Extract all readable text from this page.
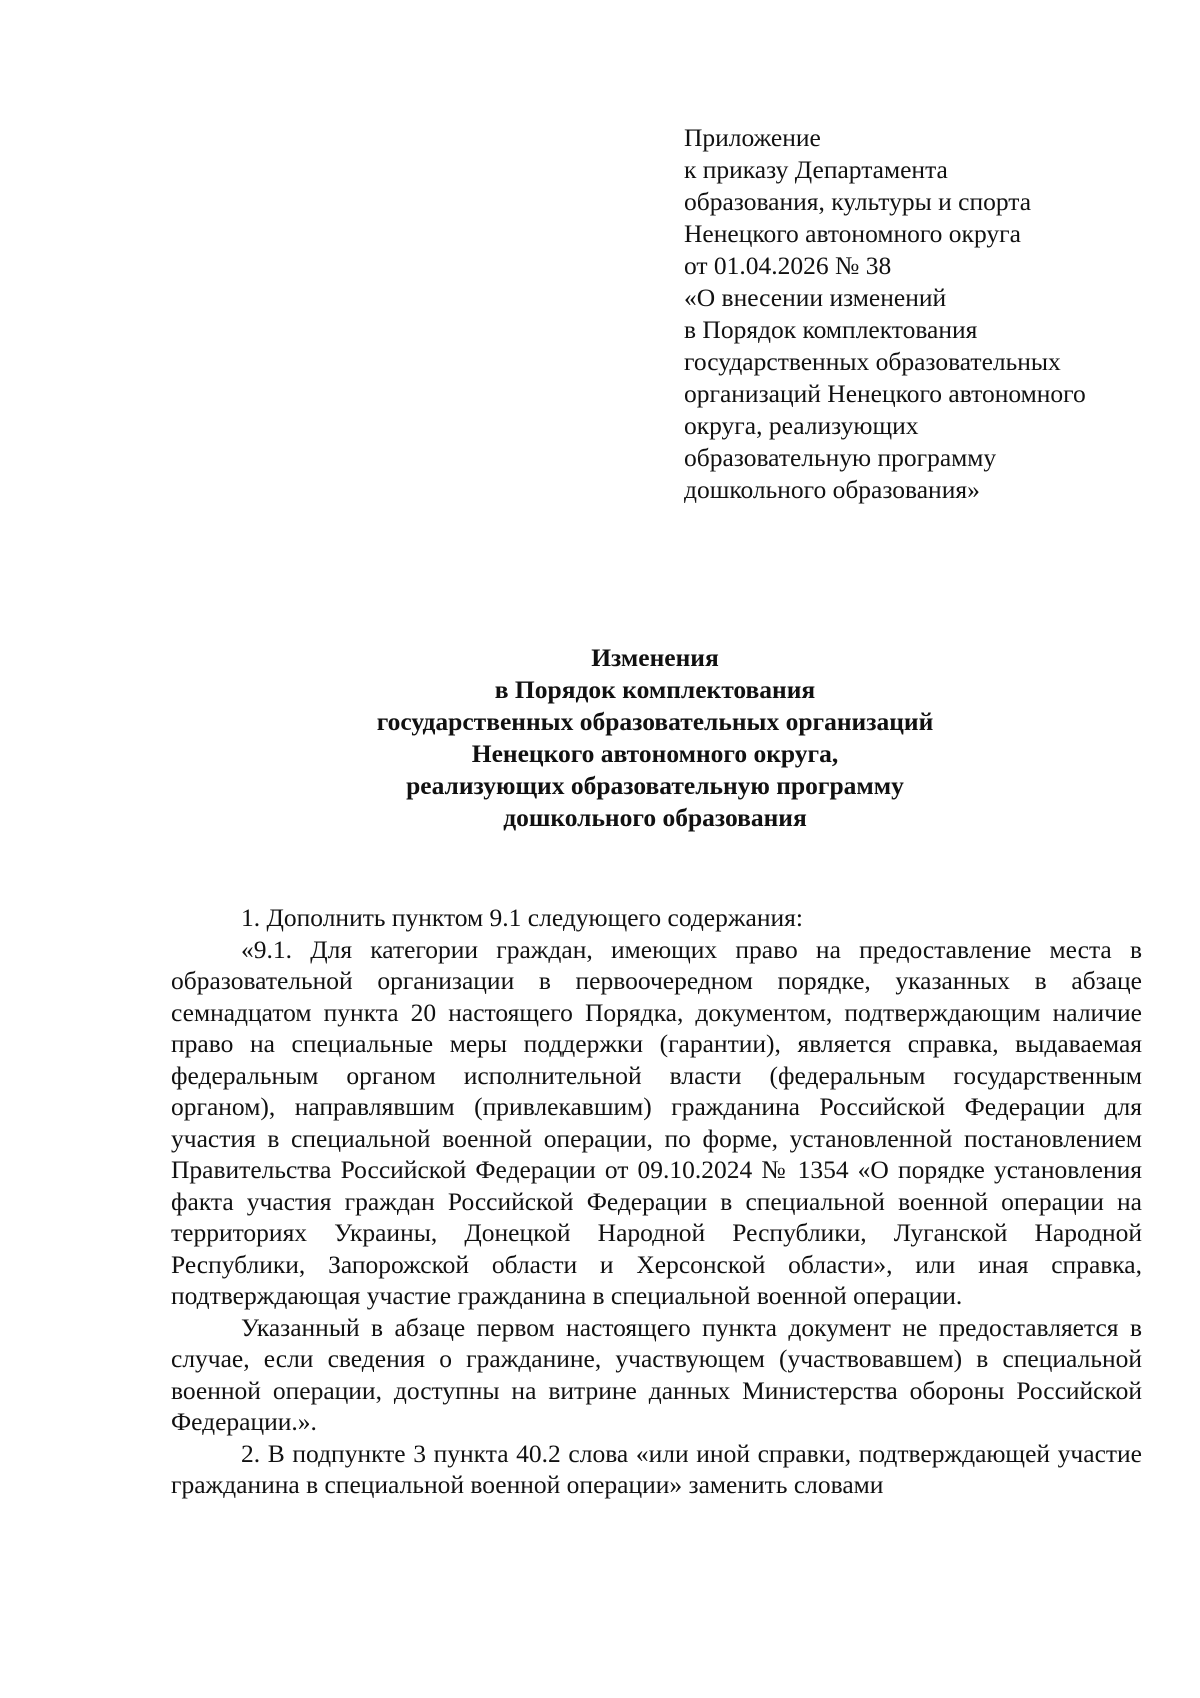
Приложение
к приказу Департамента
образования, культуры и спорта
Ненецкого автономного округа
от 01.04.2026 № 38
«О внесении изменений
в Порядок комплектования
государственных образовательных
организаций Ненецкого автономного
округа, реализующих
образовательную программу
дошкольного образования»
Изменения
в Порядок комплектования
государственных образовательных организаций
Ненецкого автономного округа,
реализующих образовательную программу
дошкольного образования

1. Дополнить пунктом 9.1 следующего содержания:

«9.1. Для категории граждан, имеющих право на предоставление места в образовательной организации в первоочередном порядке, указанных в абзаце семнадцатом пункта 20 настоящего Порядка, документом, подтверждающим наличие право на специальные меры поддержки (гарантии), является справка, выдаваемая федеральным органом исполнительной власти (федеральным государственным органом), направлявшим (привлекавшим) гражданина Российской Федерации для участия в специальной военной операции, по форме, установленной постановлением Правительства Российской Федерации от 09.10.2024 № 1354 «О порядке установления факта участия граждан Российской Федерации в специальной военной операции на территориях Украины, Донецкой Народной Республики, Луганской Народной Республики, Запорожской области и Херсонской области», или иная справка, подтверждающая участие гражданина в специальной военной операции.

Указанный в абзаце первом настоящего пункта документ не предоставляется в случае, если сведения о гражданине, участвующем (участвовавшем) в специальной военной операции, доступны на витрине данных Министерства обороны Российской Федерации.».

2. В подпункте 3 пункта 40.2 слова «или иной справки, подтверждающей участие гражданина в специальной военной операции» заменить словами
